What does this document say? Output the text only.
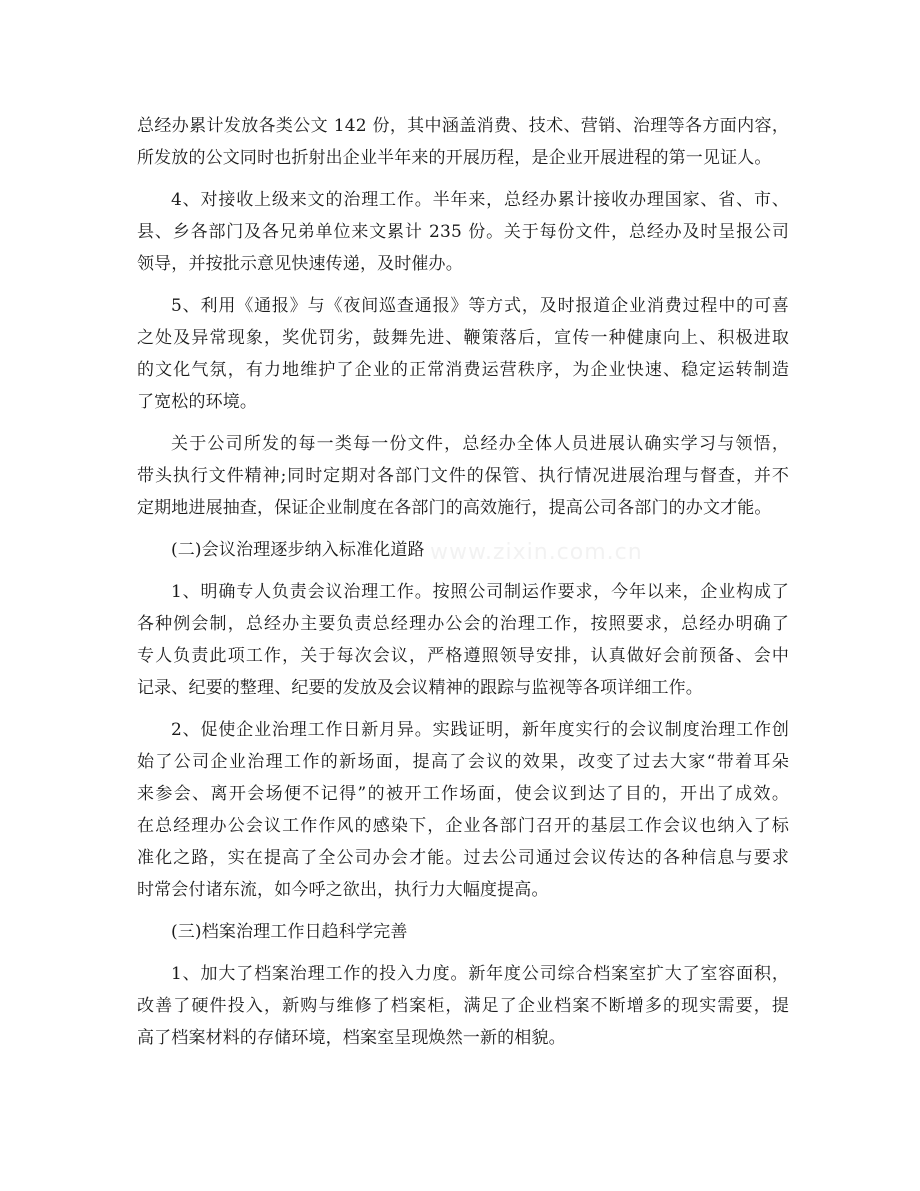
总经办累计发放各类公文 142 份，其中涵盖消费、技术、营销、治理等各方面内容，
所发放的公文同时也折射出企业半年来的开展历程，是企业开展进程的第一见证人。
4、对接收上级来文的治理工作。半年来，总经办累计接收办理国家、省、市、
县、乡各部门及各兄弟单位来文累计 235 份。关于每份文件，总经办及时呈报公司
领导，并按批示意见快速传递，及时催办。
5、利用《通报》与《夜间巡查通报》等方式，及时报道企业消费过程中的可喜
之处及异常现象，奖优罚劣，鼓舞先进、鞭策落后，宣传一种健康向上、积极进取
的文化气氛，有力地维护了企业的正常消费运营秩序，为企业快速、稳定运转制造
了宽松的环境。
关于公司所发的每一类每一份文件，总经办全体人员进展认确实学习与领悟，
带头执行文件精神;同时定期对各部门文件的保管、执行情况进展治理与督查，并不
定期地进展抽查，保证企业制度在各部门的高效施行，提高公司各部门的办文才能。
(二)会议治理逐步纳入标准化道路
1、明确专人负责会议治理工作。按照公司制运作要求，今年以来，企业构成了
各种例会制，总经办主要负责总经理办公会的治理工作，按照要求，总经办明确了
专人负责此项工作，关于每次会议，严格遵照领导安排，认真做好会前预备、会中
记录、纪要的整理、纪要的发放及会议精神的跟踪与监视等各项详细工作。
2、促使企业治理工作日新月异。实践证明，新年度实行的会议制度治理工作创
始了公司企业治理工作的新场面，提高了会议的效果，改变了过去大家“带着耳朵
来参会、离开会场便不记得”的被开工作场面，使会议到达了目的，开出了成效。
在总经理办公会议工作作风的感染下，企业各部门召开的基层工作会议也纳入了标
准化之路，实在提高了全公司办会才能。过去公司通过会议传达的各种信息与要求
时常会付诸东流，如今呼之欲出，执行力大幅度提高。
(三)档案治理工作日趋科学完善
1、加大了档案治理工作的投入力度。新年度公司综合档案室扩大了室容面积，
改善了硬件投入，新购与维修了档案柜，满足了企业档案不断增多的现实需要，提
高了档案材料的存储环境，档案室呈现焕然一新的相貌。
www.zixin.com.cn
